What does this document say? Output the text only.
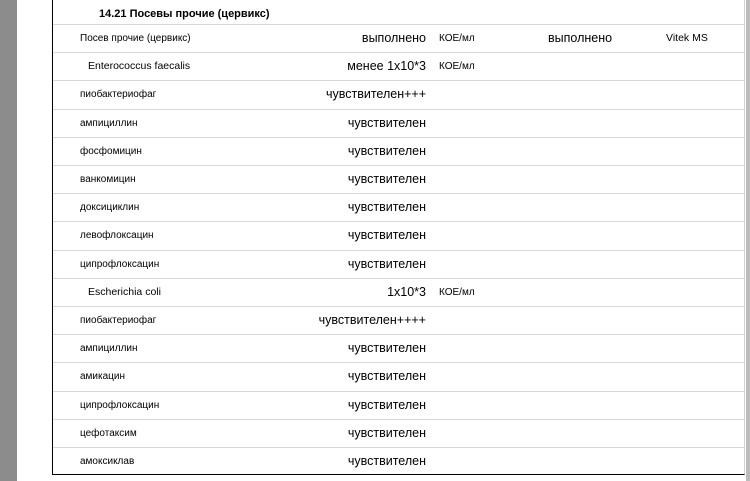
14.21 Посевы прочие (цервикс)
Посев прочие (цервикс)	выполнено КОЕ/мл	выполнено	Vitek MS
Enterococcus faecalis	менее 1х10*3 КОЕ/мл
пиобактериофаг	чувствителен+++
ампициллин	чувствителен
фосфомицин	чувствителен
ванкомицин	чувствителен
доксициклин	чувствителен
левофлоксацин	чувствителен
ципрофлоксацин	чувствителен
Escherichia coli	1х10*3 КОЕ/мл
пиобактериофаг	чувствителен++++
ампициллин	чувствителен
амикацин	чувствителен
ципрофлоксацин	чувствителен
цефотаксим	чувствителен
амоксиклав	чувствителен
